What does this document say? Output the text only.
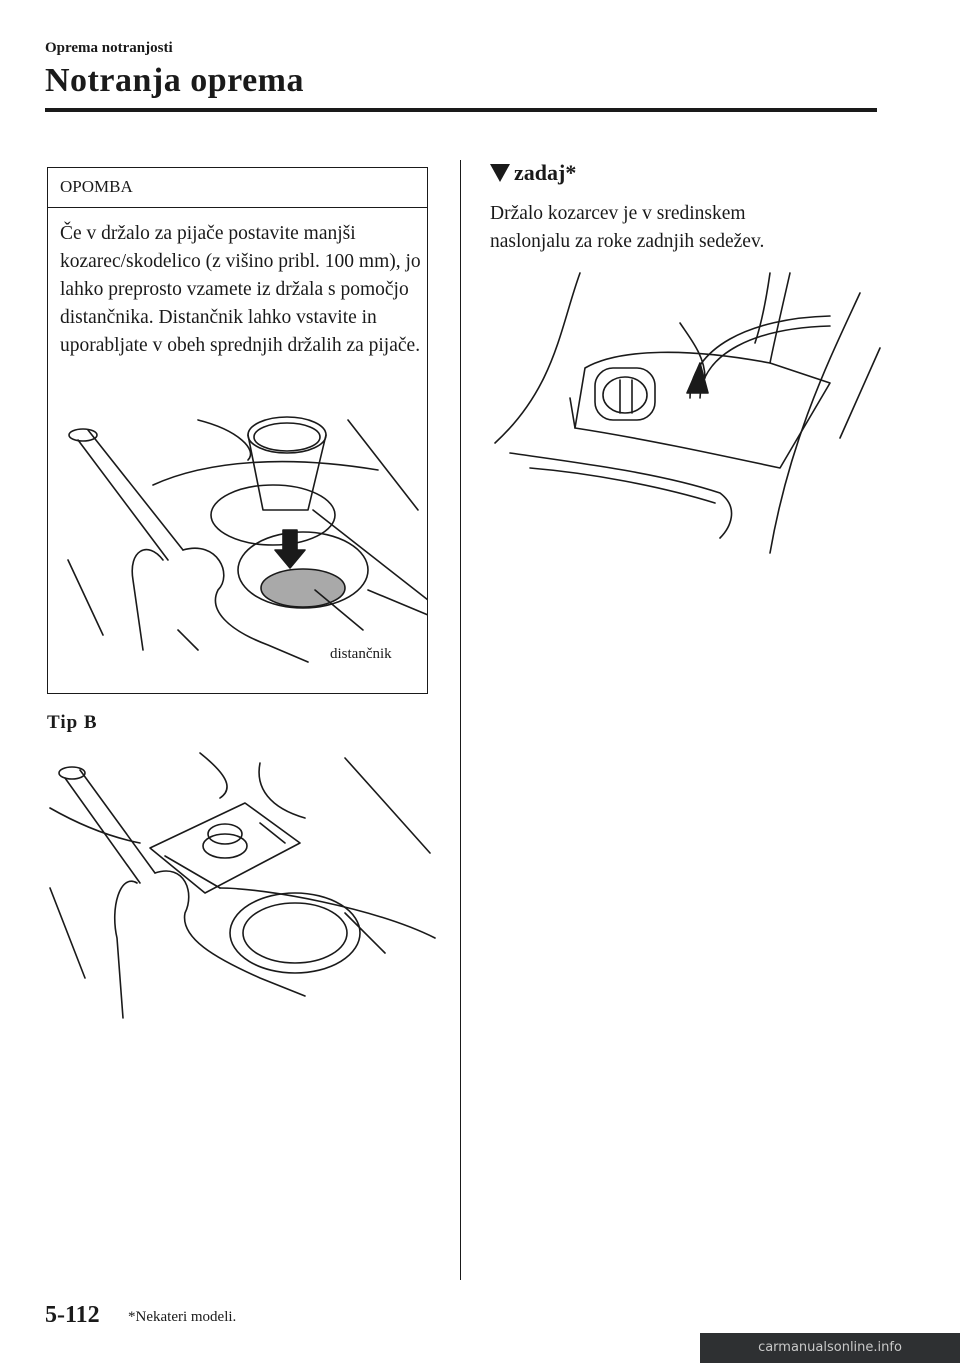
Oprema notranjosti
Notranja oprema
OPOMBA
Če v držalo za pijače postavite manjši kozarec/skodelico (z višino pribl. 100 mm), jo lahko preprosto vzamete iz držala s pomočjo distančnika. Distančnik lahko vstavite in uporabljate v obeh sprednjih držalih za pijače.
distančnik
Tip B
zadaj*
Držalo kozarcev je v sredinskem naslonjalu za roke zadnjih sedežev.
5-112 *Nekateri modeli.
carmanualsonline.info
